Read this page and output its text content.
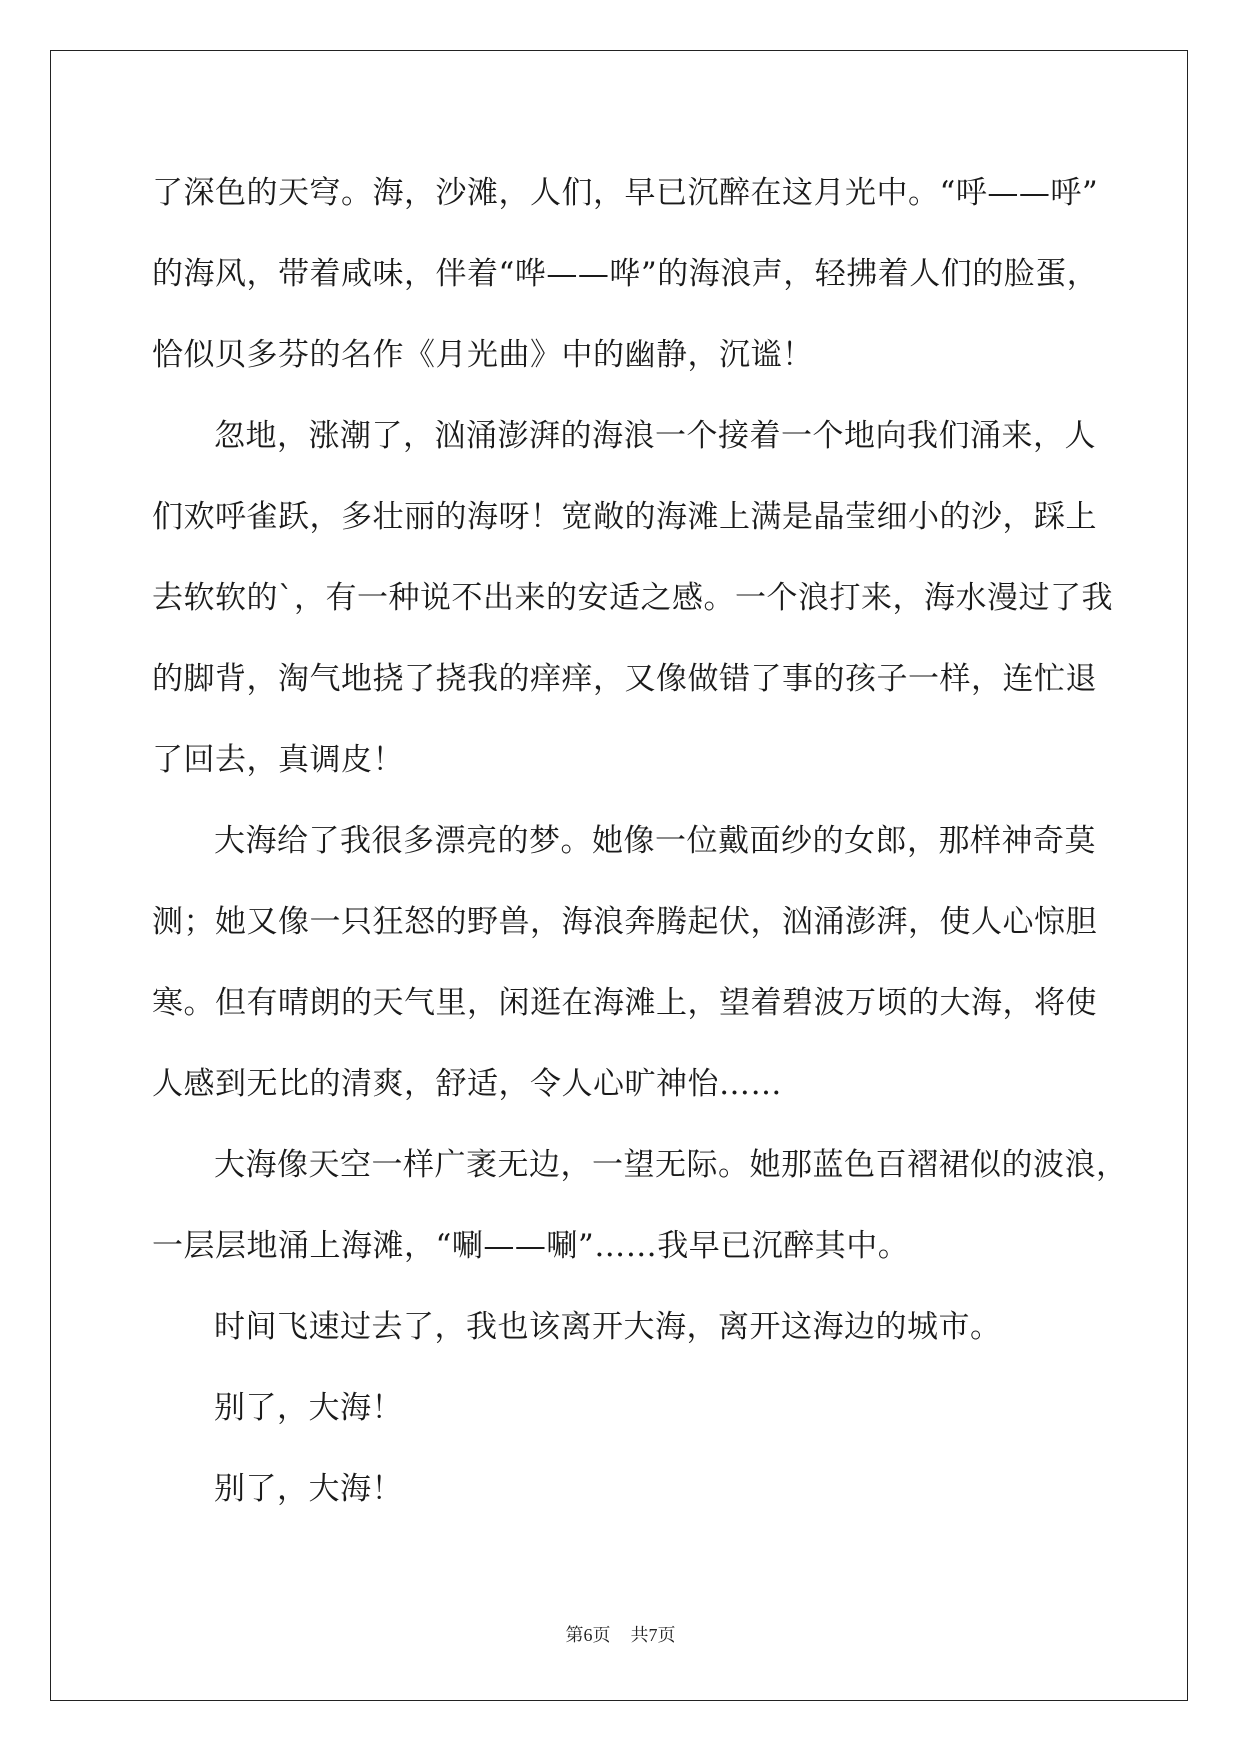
了深色的天穹。海，沙滩，人们，早已沉醉在这月光中。“呼——呼”
的海风，带着咸味，伴着“哗——哗”的海浪声，轻拂着人们的脸蛋，
恰似贝多芬的名作《月光曲》中的幽静，沉谧！
忽地，涨潮了，汹涌澎湃的海浪一个接着一个地向我们涌来，人
们欢呼雀跃，多壮丽的海呀！宽敞的海滩上满是晶莹细小的沙，踩上
去软软的`，有一种说不出来的安适之感。一个浪打来，海水漫过了我
的脚背，淘气地挠了挠我的痒痒，又像做错了事的孩子一样，连忙退
了回去，真调皮！
大海给了我很多漂亮的梦。她像一位戴面纱的女郎，那样神奇莫
测；她又像一只狂怒的野兽，海浪奔腾起伏，汹涌澎湃，使人心惊胆
寒。但有晴朗的天气里，闲逛在海滩上，望着碧波万顷的大海，将使
人感到无比的清爽，舒适，令人心旷神怡……
大海像天空一样广袤无边，一望无际。她那蓝色百褶裙似的波浪，
一层层地涌上海滩，“唰——唰”……我早已沉醉其中。
时间飞速过去了，我也该离开大海，离开这海边的城市。
别了，大海！
别了，大海！
第6页 共7页
